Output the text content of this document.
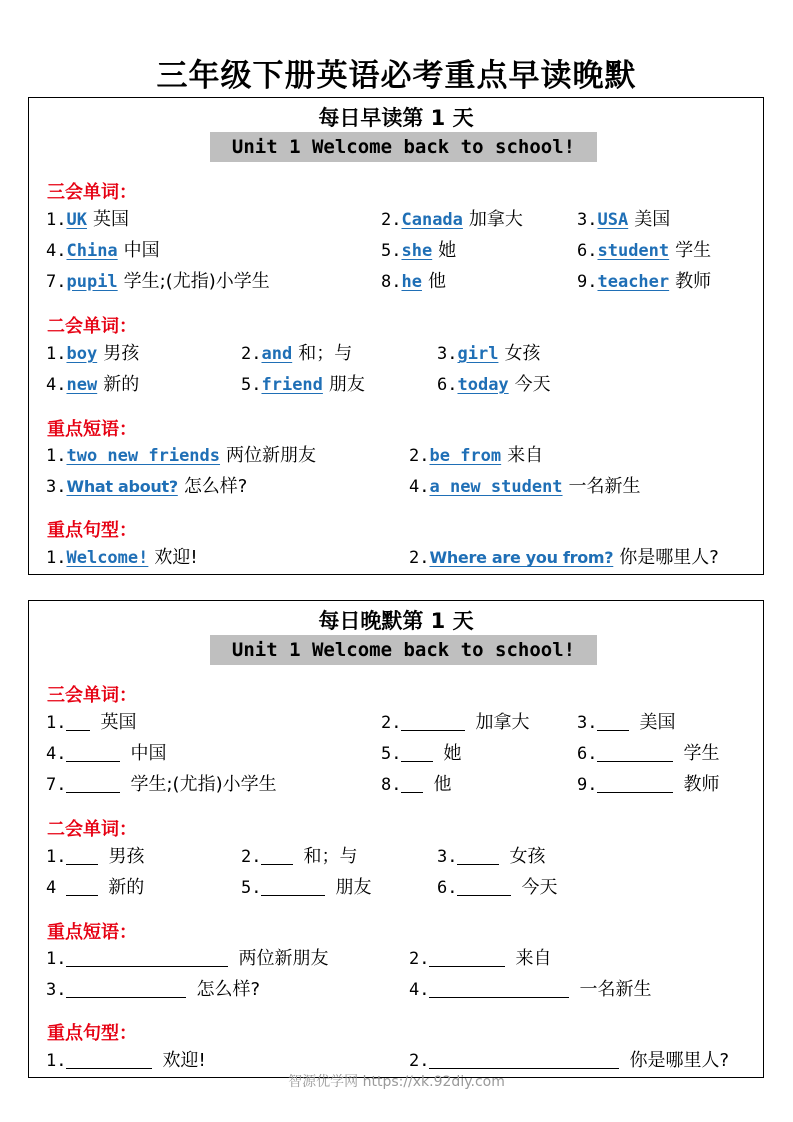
三年级下册英语必考重点早读晚默
每日早读第 1 天
Unit 1 Welcome back to school!
三会单词：
1.UK 英国	2.Canada 加拿大	3.USA 美国
4.China 中国	5.she 她	6.student 学生
7.pupil 学生;(尤指)小学生	8.he 他	9.teacher 教师
二会单词：
1.boy 男孩	2.and 和；与	3.girl 女孩
4.new 新的	5.friend 朋友	6.today 今天
重点短语：
1.two new friends 两位新朋友	2.be from 来自
3.What about? 怎么样?	4.a new student 一名新生
重点句型：
1.Welcome! 欢迎!	2.Where are you from? 你是哪里人?
每日晚默第 1 天
Unit 1 Welcome back to school!
三会单词：
1. 英国	2.	加拿大	3. 美国
4.	中国	5. 她	6.	学生
7.	学生;(尤指)小学生	8. 他	9.	教师
二会单词：
1. 男孩	2. 和；与	3.	女孩
4	新的	5.	朋友	6.	今天
重点短语：
1.	两位新朋友	2.	来自
3.	怎么样?	4.	一名新生
重点句型：
1.	欢迎!	2.	你是哪里人?
智源优学网 https://xk.92diy.com
